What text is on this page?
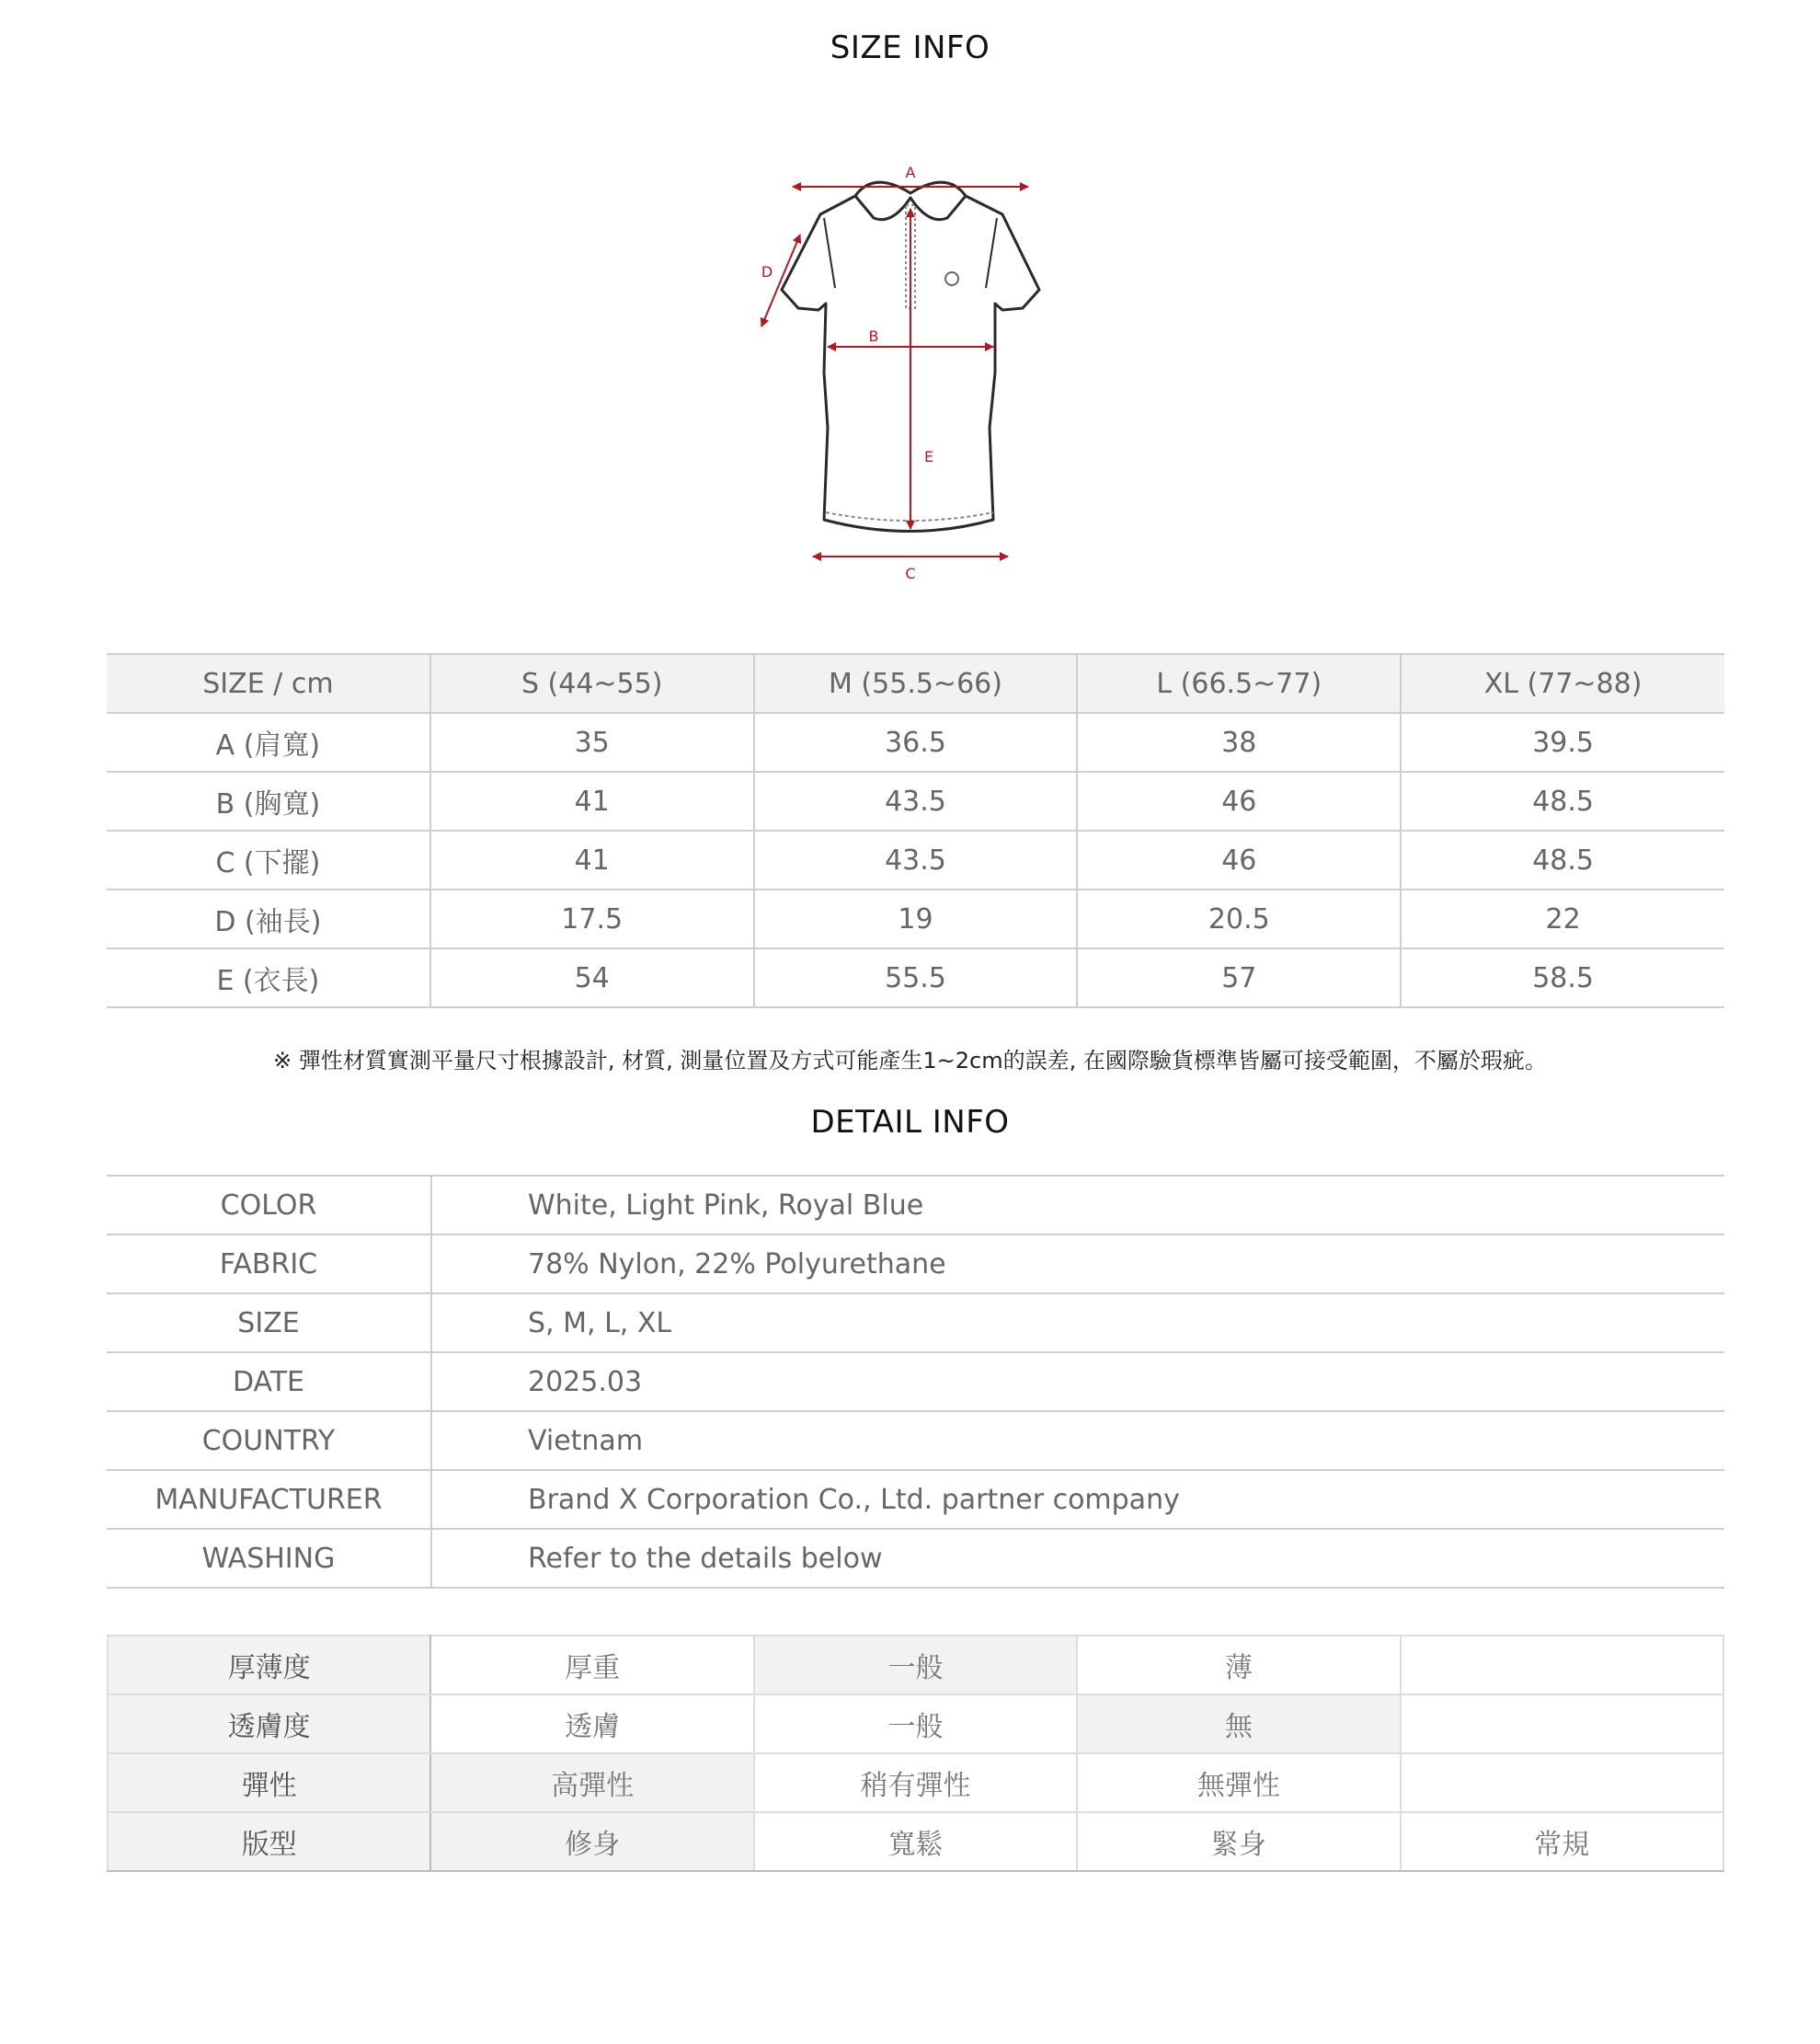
SIZE INFO
A
D
B
E
C
SIZE / cm	S (44~55)	M (55.5~66)	L (66.5~77)	XL (77~88)
A (肩寬)	35	36.5	38	39.5
B (胸寬)	41	43.5	46	48.5
C (下擺)	41	43.5	46	48.5
D (袖長)	17.5	19	20.5	22
E (衣長)	54	55.5	57	58.5
※ 彈性材質實測平量尺寸根據設計, 材質, 測量位置及方式可能產生1~2cm的誤差, 在國際驗貨標準皆屬可接受範圍，不屬於瑕疵。
DETAIL INFO
COLOR	White, Light Pink, Royal Blue
FABRIC	78% Nylon, 22% Polyurethane
SIZE	S, M, L, XL
DATE	2025.03
COUNTRY	Vietnam
MANUFACTURER	Brand X Corporation Co., Ltd. partner company
WASHING	Refer to the details below
厚薄度	厚重	一般	薄	
透膚度	透膚	一般	無	
彈性	高彈性	稍有彈性	無彈性	
版型	修身	寬鬆	緊身	常規
